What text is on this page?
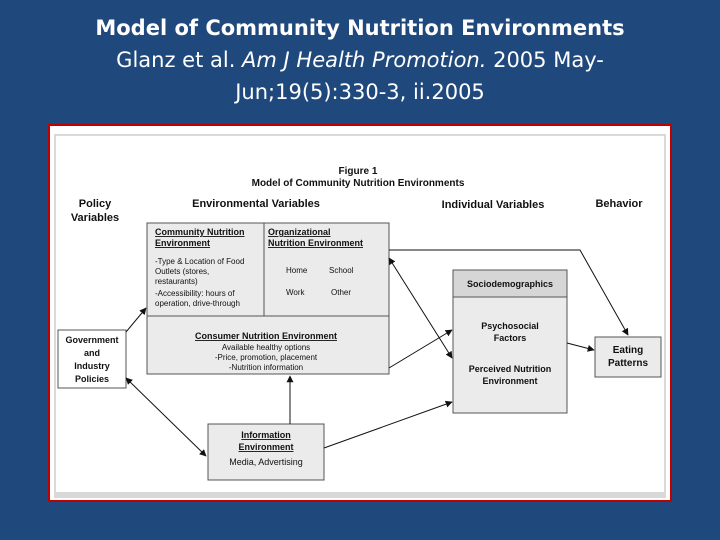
Model of Community Nutrition Environments
Glanz et al. Am J Health Promotion. 2005 May-
Jun;19(5):330-3, ii.2005
Figure 1
Model of Community Nutrition Environments
Policy
Variables
Environmental Variables	Individual Variables	Behavior
Community Nutrition
Environment
-Type & Location of Food
Outlets (stores,
restaurants)
-Accessibility: hours of
operation, drive-through
Organizational
Nutrition Environment
Home	School
Work	Other
Consumer Nutrition Environment
Available healthy options
-Price, promotion, placement
-Nutrition information
Government
and
Industry
Policies
Information
Environment
Media, Advertising
Sociodemographics
Psychosocial
Factors
Perceived Nutrition
Environment
Eating
Patterns
